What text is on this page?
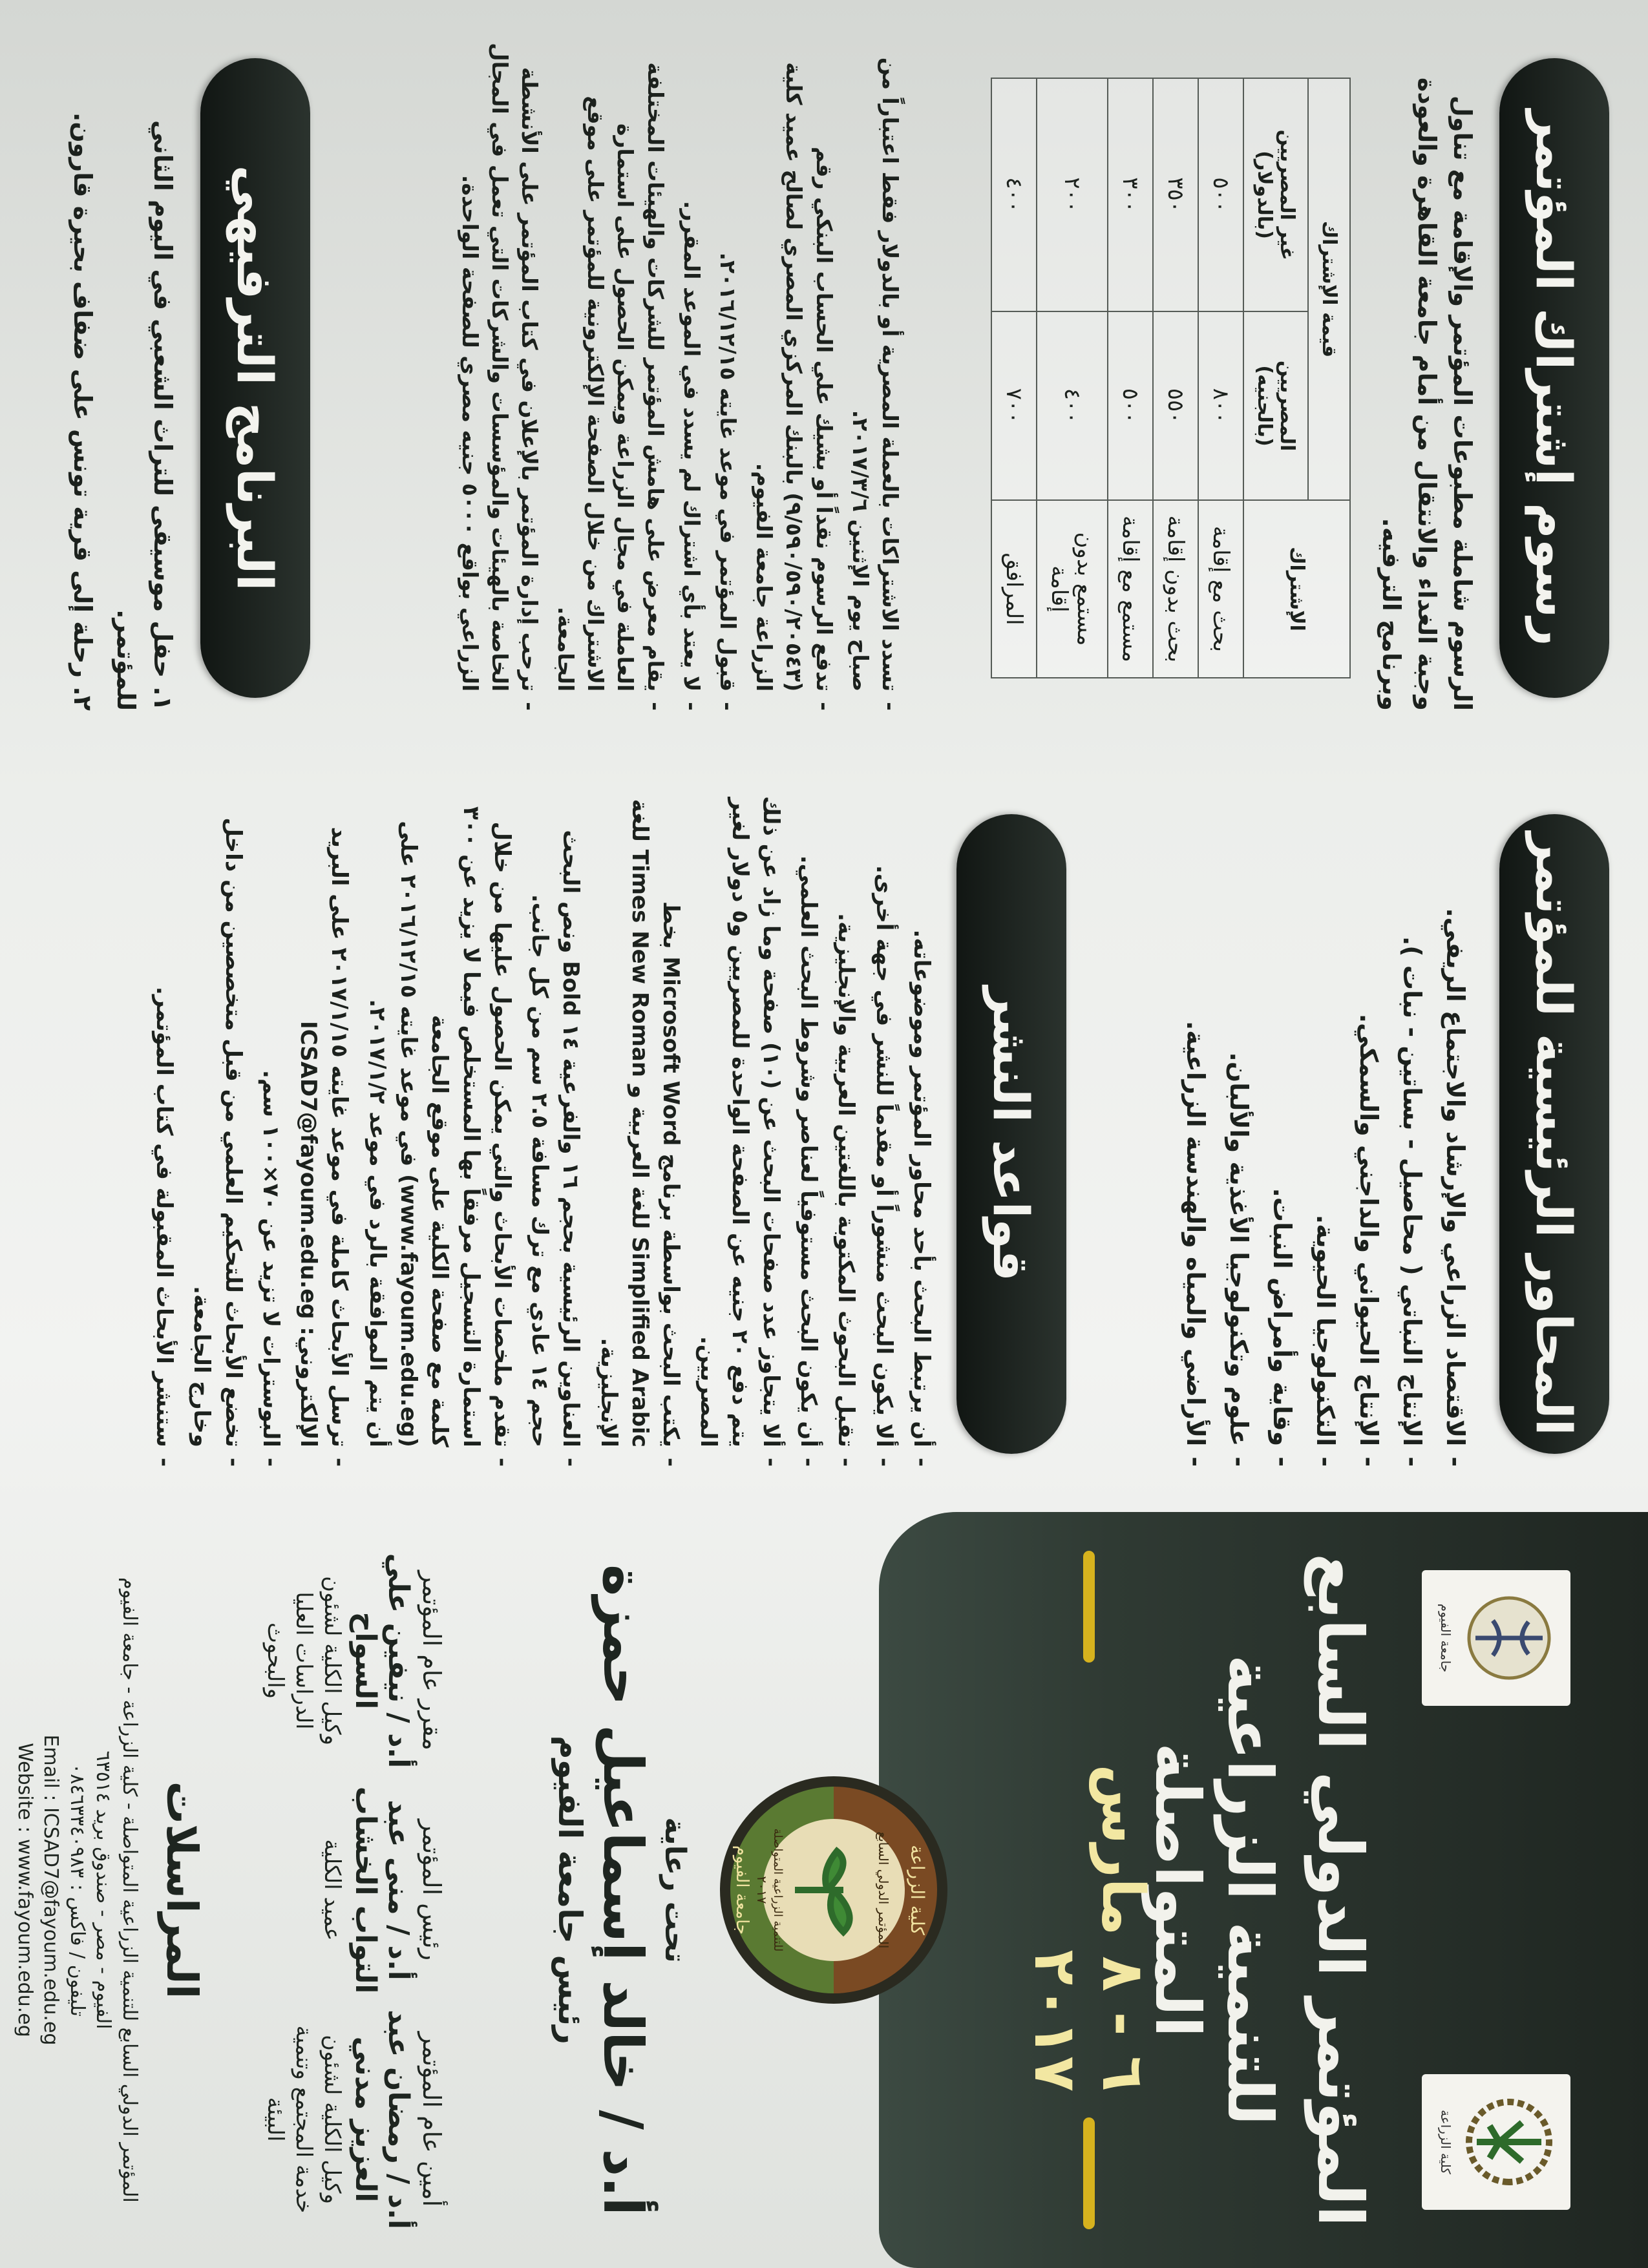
كلية الزراعة
جامعة الفيوم
المؤتمر الدولي السابع
للتنمية الزراعية المتواصلة
٦ - ٨ مارس ٢٠١٧
كلية الزراعة
المؤتمر الدولي السابع
للتنمية الزراعية المتواصلة
٢٠١٧
جامعة الفيوم
تحت رعاية
أ.د / خالد إسماعيل حمزة
رئيس جامعة الفيوم
أمين عام المؤتمر
أ.د / رمضان عبد العزيز مدني
وكيل الكلية لشئون خدمة المجتمع وتنمية البيئة
رئيس المؤتمر
أ.د / منى عبد التواب الخشاب
عميد الكلية
مقرر عام المؤتمر
أ.د / نيفين علي السواح
وكيل الكلية لشئون الدراسات العليا والبحوث
المراسلات
المؤتمر الدولي السابع للتنمية الزراعية المتواصلة - كلية الزراعة - جامعة الفيوم
الفيوم - مصر - صندوق بريد ٦٣٥١٤
تليفون / فاكس : ٠٨٤٦٣٣٤٠٩٨٣
Email : ICSAD7@fayoum.edu.eg
Website : www.fayoum.edu.eg
المحاور الرئيسية للمؤتمر
-
الاقتصاد الزراعي والإرشاد والاجتماع الريفي.
-
الإنتاج النباتي ( محاصيل - بساتين - نبات ).
-
الإنتاج الحيواني والداجني والسمكي.
-
التكنولوجيا الحيوية.
-
وقاية وأمراض النبات.
-
علوم وتكنولوجيا الأغذية والألبان.
-
الأراضي والمياه والهندسة الزراعية.
قواعد النشر
-
أن يرتبط البحث بأحد محاور المؤتمر وموضوعاته.
-
ألا يكون البحث منشوراً أو مقدماً للنشر في جهة أخرى.
-
تقبل البحوث المكتوبة باللغتين العربية والإنجليزية.
-
أن يكون البحث مستوفياً لعناصر وشروط البحث العلمي.
-
ألا يتجاوز عدد صفحات البحث عن (١٠) صفحة وما زاد عن ذلك يتم دفع ٢٠ جنيه عن الصفحة الواحدة للمصريين و٥ دولار لغير المصريين.
-
يكتب البحث بواسطة برنامج Microsoft Word بخط Simplified Arabic للغة العربية و Times New Roman للغة الإنجليزية.
-
العناوين الرئيسية بحجم ١٦ والفرعية ١٤ Bold ونص البحث حجم ١٤ عادي مع ترك مسافة ٢.٥ سم من كل جانب.
-
تقدم ملخصات الأبحاث والتي يمكن الحصول عليها من خلال استمارة التسجيل مرفقاً بها المستخلص فيما لا يزيد عن ٣٠٠ كلمة مع صفحة الكلية على موقع الجامعة (www.fayoum.edu.eg) في موعد غايته ٢٠١٦/١٢/١٥ على أن يتم الموافقة بالرد في موعد ٢٠١٧/١/٢.
-
ترسل الأبحاث كاملة في موعد غايته ٢٠١٧/١/١٥ على البريد الإلكتروني: ICSAD7@fayoum.edu.eg
-
البوسترات لا تزيد عن ٧٠×١٠٠ سم.
-
تخضع الأبحاث للتحكيم العلمي من قبل متخصصين من داخل وخارج الجامعة.
-
ستنشر الأبحاث المقبولة في كتاب المؤتمر.
رسوم إشتراك المؤتمر
الرسوم شاملة مطبوعات المؤتمر والإقامة مع تناول وجبة الغداء والانتقال من أمام جامعة القاهرة والعودة وبرنامج الترفيه.
الإشتراك	قيمة الإشتراك	
	المصريين (بالجنيه)	غير المصريين (بالدولار)
بحث مع إقامة	٨٠٠	٥٠٠
بحث بدون إقامة	٥٥٠	٣٥٠
مستمع مع إقامة	٥٠٠	٣٠٠
مستمع بدون إقامة	٤٠٠	٢٠٠
المرافق	٧٠٠	٤٠٠
-
تسدد الاشتراكات بالعملة المصرية أو بالدولار فقط اعتباراً من صباح يوم الإثنين ٢٠١٧/٣/٦.
-
تدفع الرسوم نقداً أو بشيك علي الحساب البنكي رقم (٩/٥٩٠/٥٩٠/٢٠٥٤٣) بالبنك المركزي المصري لصالح عميد كلية الزراعة جامعة الفيوم.
-
قبول المؤتمر في موعد غايته ٢٠١٦/١٢/١٥.
-
لا يعتد بأي اشتراك لم يسدد في الموعد المقرر.
-
يقام معرض على هامش المؤتمر للشركات والهيئات المختلفة العاملة في مجال الزراعة ويمكن الحصول على استمارة الاشتراك من خلال الصفحة الإلكترونية للمؤتمر على موقع الجامعة.
-
ترحب إدارة المؤتمر بالإعلان في كتاب المؤتمر على الأنشطة الخاصة بالهيئات والمؤسسات والشركات التي تعمل في المجال الزراعي بواقع ٥٠٠٠ جنيه مصري للصفحة الواحدة.
البرنامج الترفيهي
١. حفل موسيقى للتراث الشعبي في اليوم الثاني للمؤتمر.
٢. رحلة إلى قرية تونس على ضفاف بحيرة قارون.
